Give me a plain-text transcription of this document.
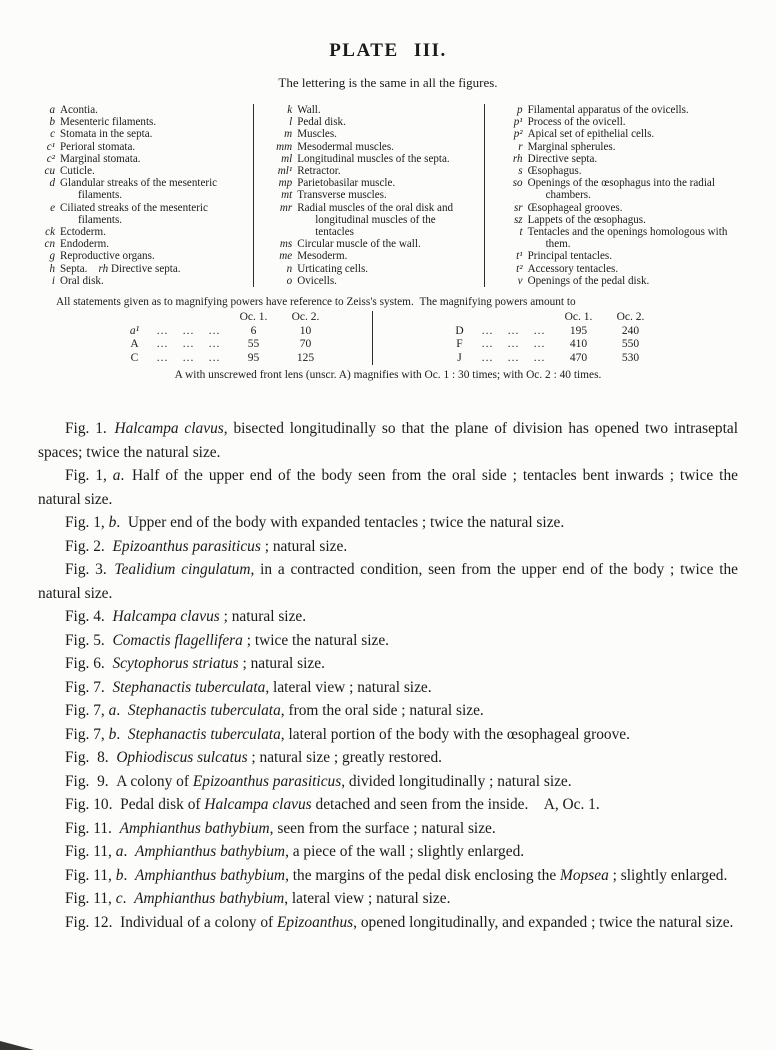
PLATE III.
The lettering is the same in all the figures.
a Acontia.
b Mesenteric filaments.
c Stomata in the septa.
c¹ Perioral stomata.
c² Marginal stomata.
cu Cuticle.
d Glandular streaks of the mesenteric filaments.
e Ciliated streaks of the mesenteric filaments.
ck Ectoderm.
cn Endoderm.
g Reproductive organs.
h Septa.  rh Directive septa.
i Oral disk.
k Wall.
l Pedal disk.
m Muscles.
mm Mesodermal muscles.
ml Longitudinal muscles of the septa.
ml¹ Retractor.
mp Parietobasilar muscle.
mt Transverse muscles.
mr Radial muscles of the oral disk and longitudinal muscles of the tentacles
ms Circular muscle of the wall.
me Mesoderm.
n Urticating cells.
o Ovicells.
p Filamental apparatus of the ovicells.
p¹ Process of the ovicell.
p² Apical set of epithelial cells.
r Marginal spherules.
rh Directive septa.
s Œsophagus.
so Openings of the œsophagus into the radial chambers.
sr Œsophageal grooves.
sz Lappets of the œsophagus.
t Tentacles and the openings homologous with them.
t¹ Principal tentacles.
t² Accessory tentacles.
v Openings of the pedal disk.
All statements given as to magnifying powers have reference to Zeiss's system. The magnifying powers amount to
				Oc. 1.	Oc. 2.
a¹	...	...	...	6	10
A	...	...	...	55	70
C	...	...	...	95	125
				Oc. 1.	Oc. 2.
D	...	...	...	195	240
F	...	...	...	410	550
J	...	...	...	470	530
A with unscrewed front lens (unscr. A) magnifies with Oc. 1 : 30 times; with Oc. 2 : 40 times.

Fig. 1. Halcampa clavus, bisected longitudinally so that the plane of division has opened two intraseptal spaces; twice the natural size.

Fig. 1, a. Half of the upper end of the body seen from the oral side ; tentacles bent inwards ; twice the natural size.

Fig. 1, b. Upper end of the body with expanded tentacles ; twice the natural size.

Fig. 2. Epizoanthus parasiticus ; natural size.

Fig. 3. Tealidium cingulatum, in a contracted condition, seen from the upper end of the body ; twice the natural size.

Fig. 4. Halcampa clavus ; natural size.

Fig. 5. Comactis flagellifera ; twice the natural size.

Fig. 6. Scytophorus striatus ; natural size.

Fig. 7. Stephanactis tuberculata, lateral view ; natural size.

Fig. 7, a. Stephanactis tuberculata, from the oral side ; natural size.

Fig. 7, b. Stephanactis tuberculata, lateral portion of the body with the œsophageal groove.

Fig. 8. Ophiodiscus sulcatus ; natural size ; greatly restored.

Fig. 9. A colony of Epizoanthus parasiticus, divided longitudinally ; natural size.

Fig. 10. Pedal disk of Halcampa clavus detached and seen from the inside.  A, Oc. 1.

Fig. 11. Amphianthus bathybium, seen from the surface ; natural size.

Fig. 11, a. Amphianthus bathybium, a piece of the wall ; slightly enlarged.

Fig. 11, b. Amphianthus bathybium, the margins of the pedal disk enclosing the Mopsea ; slightly enlarged.

Fig. 11, c. Amphianthus bathybium, lateral view ; natural size.

Fig. 12. Individual of a colony of Epizoanthus, opened longitudinally, and expanded ; twice the natural size.
